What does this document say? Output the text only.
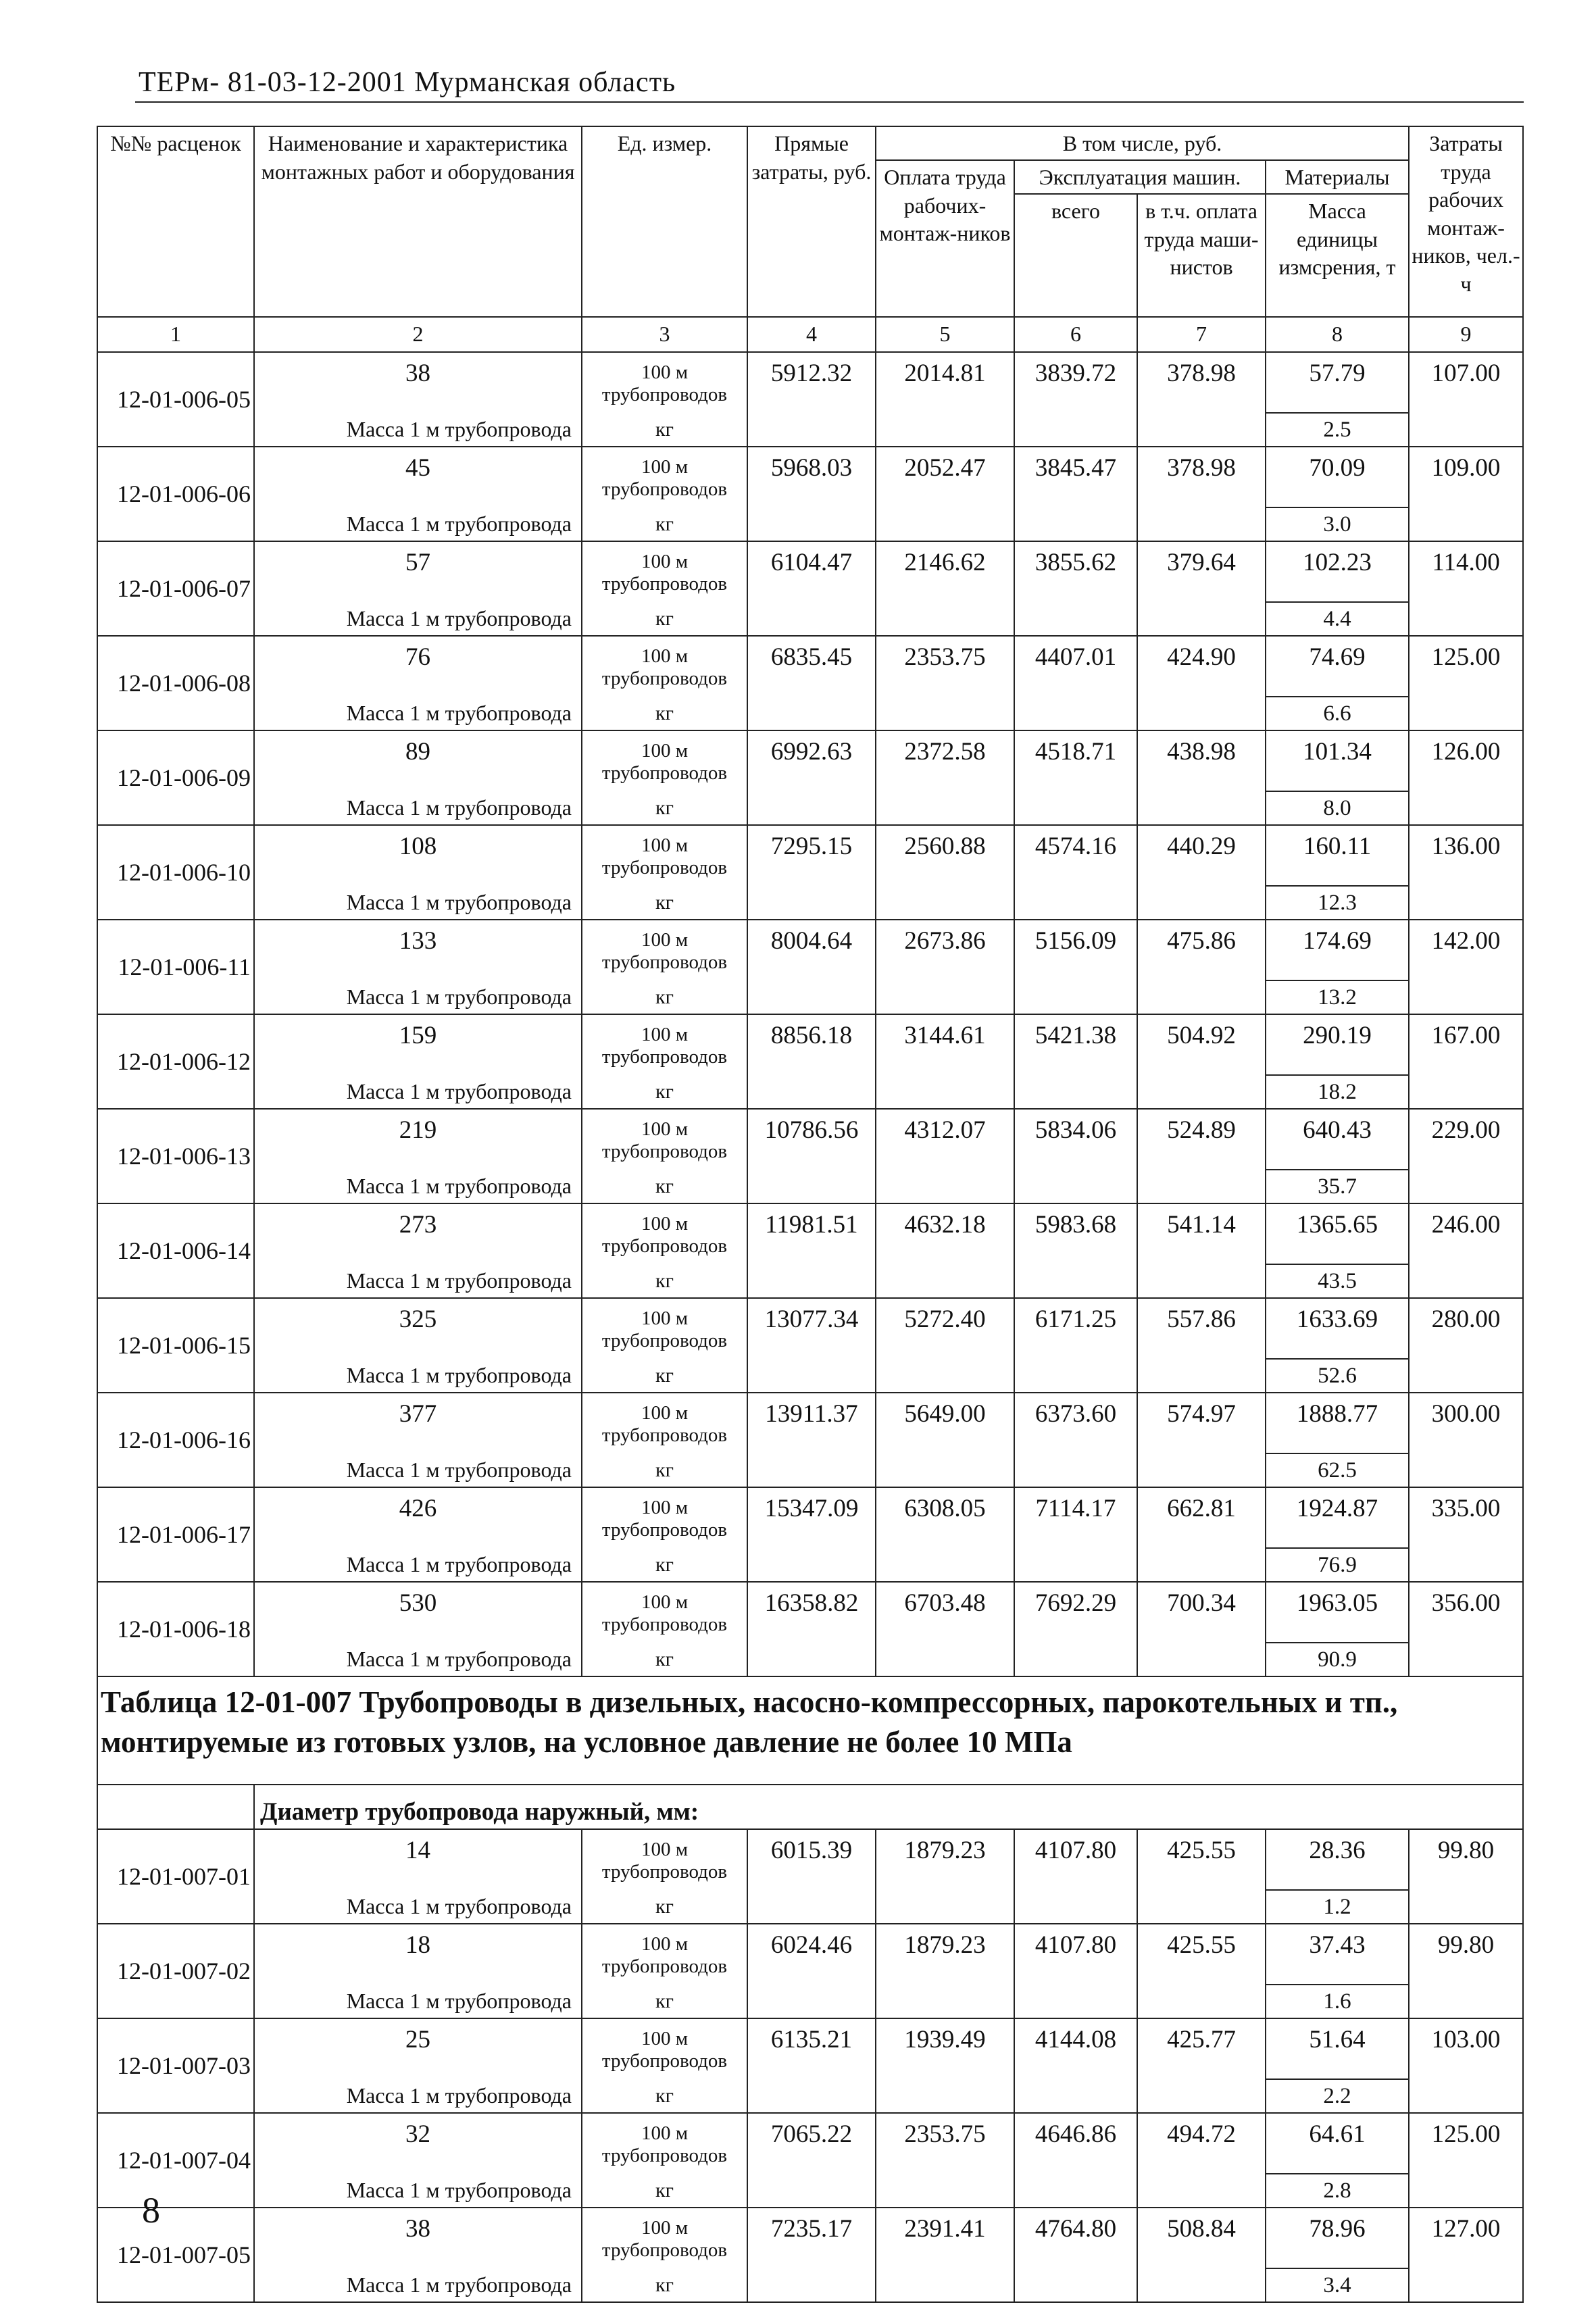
ТЕРм- 81-03-12-2001 Мурманская область
№№ расценок	Наименование и характеристика монтажных работ и оборудования	Ед. измер.	Прямые затраты, руб.	В том числе, руб.				Затраты труда рабочих монтаж-ников, чел.-ч
				Оплата труда рабочих-монтаж-ников	Эксплуатация машин.		Материалы	
					всего	в т.ч. оплата труда маши-нистов	Масса единицы измсрения, т	
1	2	3	4	5	6	7	8	9
12-01-006-05	38	100 м трубопроводов	5912.32	2014.81	3839.72	378.98	57.79	107.00
	Масса 1 м трубопровода	кг					2.5	
12-01-006-06	45	100 м трубопроводов	5968.03	2052.47	3845.47	378.98	70.09	109.00
	Масса 1 м трубопровода	кг					3.0	
12-01-006-07	57	100 м трубопроводов	6104.47	2146.62	3855.62	379.64	102.23	114.00
	Масса 1 м трубопровода	кг					4.4	
12-01-006-08	76	100 м трубопроводов	6835.45	2353.75	4407.01	424.90	74.69	125.00
	Масса 1 м трубопровода	кг					6.6	
12-01-006-09	89	100 м трубопроводов	6992.63	2372.58	4518.71	438.98	101.34	126.00
	Масса 1 м трубопровода	кг					8.0	
12-01-006-10	108	100 м трубопроводов	7295.15	2560.88	4574.16	440.29	160.11	136.00
	Масса 1 м трубопровода	кг					12.3	
12-01-006-11	133	100 м трубопроводов	8004.64	2673.86	5156.09	475.86	174.69	142.00
	Масса 1 м трубопровода	кг					13.2	
12-01-006-12	159	100 м трубопроводов	8856.18	3144.61	5421.38	504.92	290.19	167.00
	Масса 1 м трубопровода	кг					18.2	
12-01-006-13	219	100 м трубопроводов	10786.56	4312.07	5834.06	524.89	640.43	229.00
	Масса 1 м трубопровода	кг					35.7	
12-01-006-14	273	100 м трубопроводов	11981.51	4632.18	5983.68	541.14	1365.65	246.00
	Масса 1 м трубопровода	кг					43.5	
12-01-006-15	325	100 м трубопроводов	13077.34	5272.40	6171.25	557.86	1633.69	280.00
	Масса 1 м трубопровода	кг					52.6	
12-01-006-16	377	100 м трубопроводов	13911.37	5649.00	6373.60	574.97	1888.77	300.00
	Масса 1 м трубопровода	кг					62.5	
12-01-006-17	426	100 м трубопроводов	15347.09	6308.05	7114.17	662.81	1924.87	335.00
	Масса 1 м трубопровода	кг					76.9	
12-01-006-18	530	100 м трубопроводов	16358.82	6703.48	7692.29	700.34	1963.05	356.00
	Масса 1 м трубопровода	кг					90.9	
Таблица 12-01-007 Трубопроводы в дизельных, насосно-компрессорных, парокотельных и тп., монтируемые из готовых узлов, на условное давление не более 10 МПа								
	Диаметр трубопровода наружный, мм:							
12-01-007-01	14	100 м трубопроводов	6015.39	1879.23	4107.80	425.55	28.36	99.80
	Масса 1 м трубопровода	кг					1.2	
12-01-007-02	18	100 м трубопроводов	6024.46	1879.23	4107.80	425.55	37.43	99.80
	Масса 1 м трубопровода	кг					1.6	
12-01-007-03	25	100 м трубопроводов	6135.21	1939.49	4144.08	425.77	51.64	103.00
	Масса 1 м трубопровода	кг					2.2	
12-01-007-04	32	100 м трубопроводов	7065.22	2353.75	4646.86	494.72	64.61	125.00
	Масса 1 м трубопровода	кг					2.8	
12-01-007-05	38	100 м трубопроводов	7235.17	2391.41	4764.80	508.84	78.96	127.00
	Масса 1 м трубопровода	кг					3.4	
8
